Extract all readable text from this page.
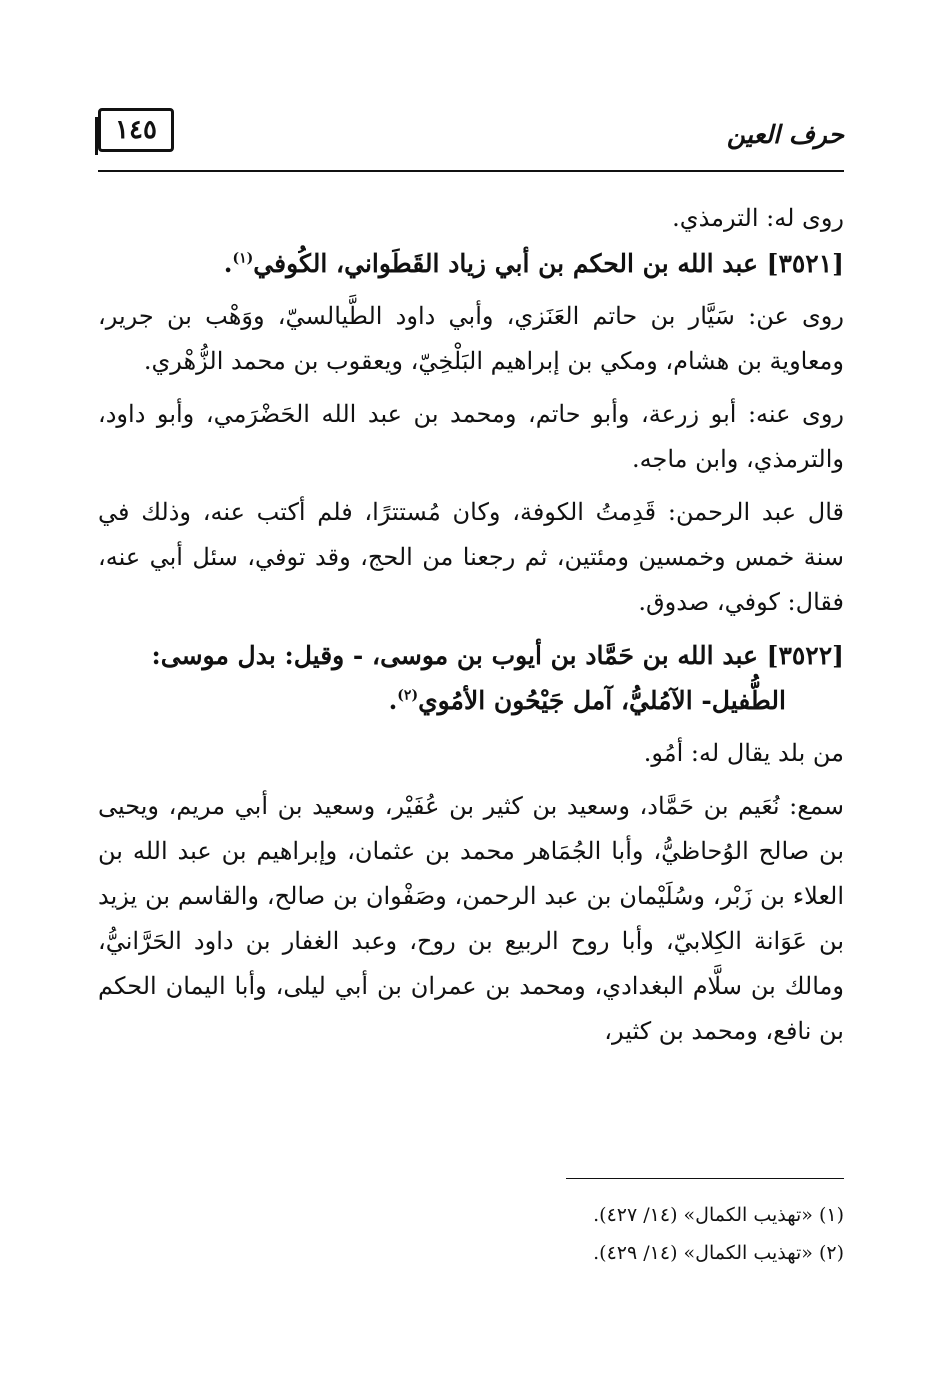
١٤٥	حرف العين

روى له: الترمذي.

[٣٥٢١] عبد الله بن الحكم بن أبي زياد القَطَواني، الكُوفي$^{(١)}$.

روى عن: سَيَّار بن حاتم العَنَزي، وأبي داود الطَّيالسيّ، ووَهْب بن جرير، ومعاوية بن هشام، ومكي بن إبراهيم البَلْخِيّ، ويعقوب بن محمد الزُّهْري.

روى عنه: أبو زرعة، وأبو حاتم، ومحمد بن عبد الله الحَضْرَمي، وأبو داود، والترمذي، وابن ماجه.

قال عبد الرحمن: قَدِمتُ الكوفة، وكان مُستترًا، فلم أكتب عنه، وذلك في سنة خمس وخمسين ومئتين، ثم رجعنا من الحج، وقد توفي، سئل أبي عنه، فقال: كوفي، صدوق.

[٣٥٢٢] عبد الله بن حَمَّاد بن أيوب بن موسى، - وقيل: بدل موسى:

الطُّفيل- الآمُليُّ، آمل جَيْحُون الأمُوي$^{(٢)}$.

من بلد يقال له: أمُو.

سمع: نُعَيم بن حَمَّاد، وسعيد بن كثير بن عُفَيْر، وسعيد بن أبي مريم، ويحيى بن صالح الوُحاظيُّ، وأبا الجُمَاهر محمد بن عثمان، وإبراهيم بن عبد الله بن العلاء بن زَبْر، وسُلَيْمان بن عبد الرحمن، وصَفْوان بن صالح، والقاسم بن يزيد بن عَوَانة الكِلابيّ، وأبا روح الربيع بن روح، وعبد الغفار بن داود الحَرَّانيُّ، ومالك بن سلَّام البغدادي، ومحمد بن عمران بن أبي ليلى، وأبا اليمان الحكم بن نافع، ومحمد بن كثير،

(١) «تهذيب الكمال» (١٤/ ٤٢٧).
(٢) «تهذيب الكمال» (١٤/ ٤٢٩).
